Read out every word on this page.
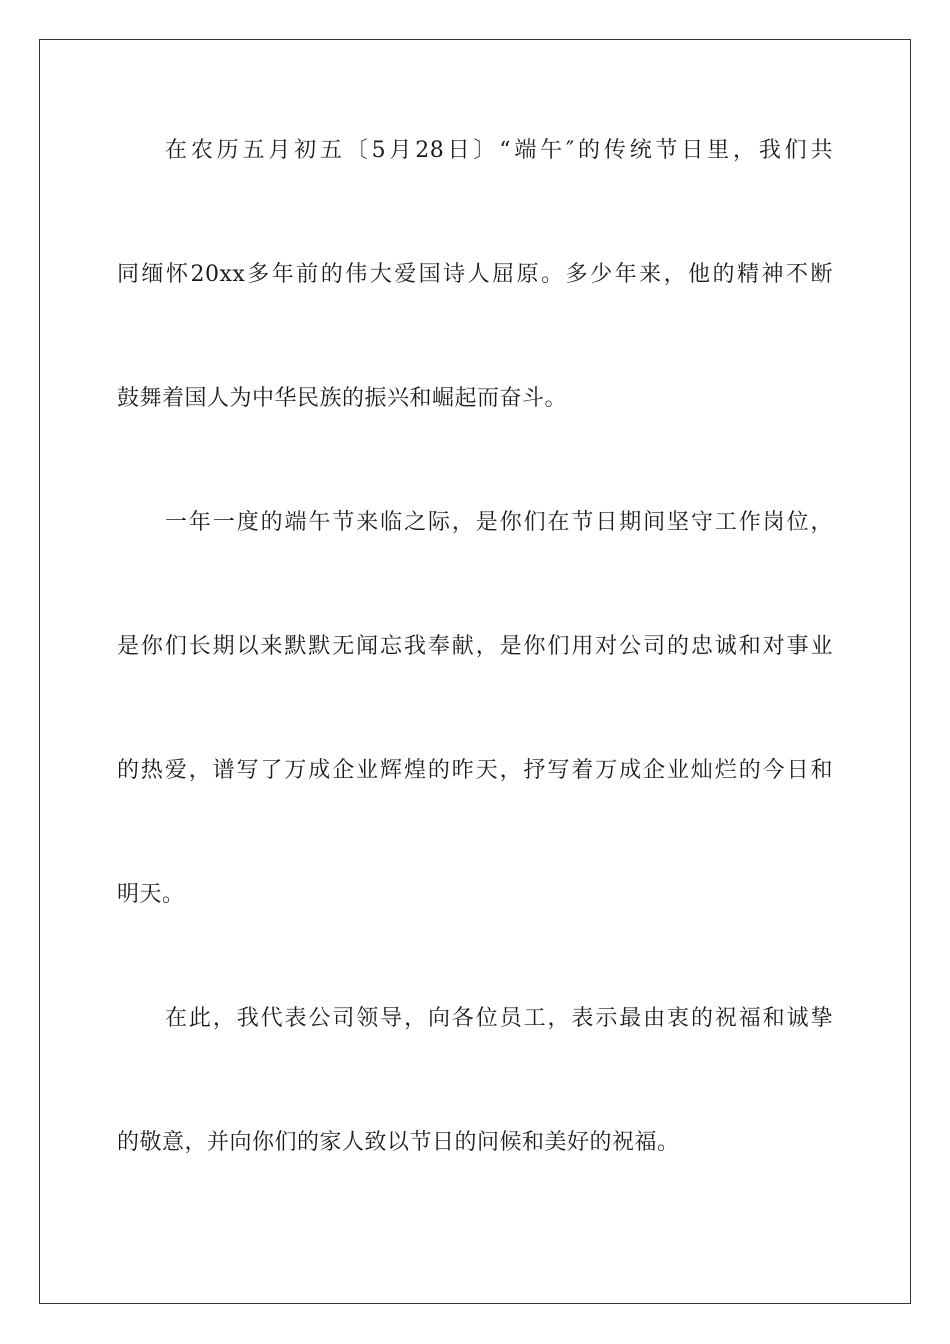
在农历五月初五〔5月28日〕“端午″的传统节日里，我们共
同缅怀20xx多年前的伟大爱国诗人屈原。多少年来，他的精神不断
鼓舞着国人为中华民族的振兴和崛起而奋斗。
一年一度的端午节来临之际，是你们在节日期间坚守工作岗位，
是你们长期以来默默无闻忘我奉献，是你们用对公司的忠诚和对事业
的热爱，谱写了万成企业辉煌的昨天，抒写着万成企业灿烂的今日和
明天。
在此，我代表公司领导，向各位员工，表示最由衷的祝福和诚挚
的敬意，并向你们的家人致以节日的问候和美好的祝福。
